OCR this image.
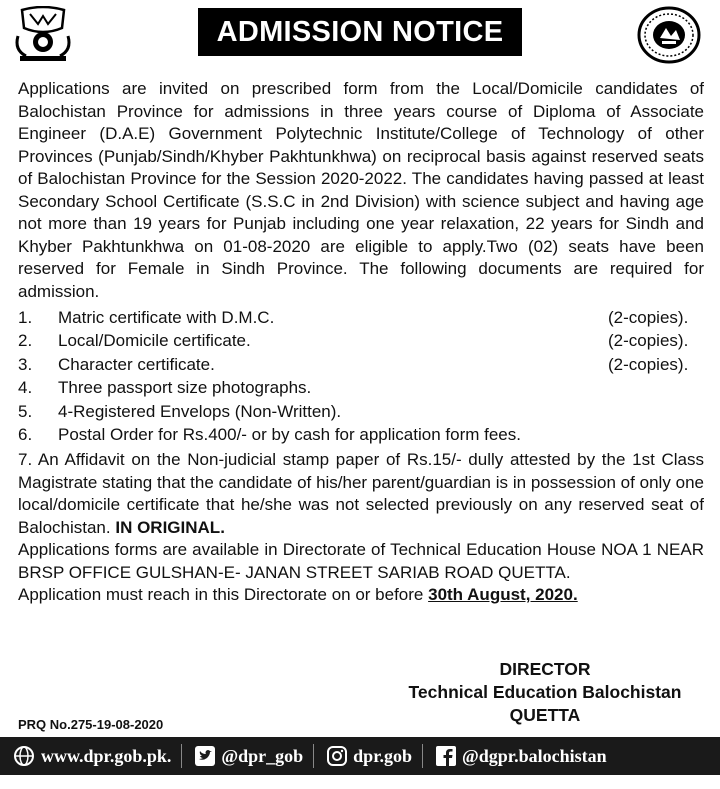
ADMISSION NOTICE

Applications are invited on prescribed form from the Local/Domicile candidates of Balochistan Province for admissions in three years course of Diploma of Associate Engineer (D.A.E) Government Polytechnic Institute/College of Technology of other Provinces (Punjab/Sindh/Khyber Pakhtunkhwa) on reciprocal basis against reserved seats of Balochistan Province for the Session 2020-2022. The candidates having passed at least Secondary School Certificate (S.S.C in 2nd Division) with science subject and having age not more than 19 years for Punjab including one year relaxation, 22 years for Sindh and Khyber Pakhtunkhwa on 01-08-2020 are eligible to apply.Two (02) seats have been reserved for Female in Sindh Province. The following documents are required for admission.

1.	Matric certificate with D.M.C.	(2-copies).
2.	Local/Domicile certificate.	(2-copies).
3.	Character certificate.	(2-copies).
4.	Three passport size photographs.
5.	4-Registered Envelops (Non-Written).
6.	Postal Order for Rs.400/- or by cash for application form fees.

7. An Affidavit on the Non-judicial stamp paper of Rs.15/- dully attested by the 1st Class Magistrate stating that the candidate of his/her parent/guardian is in possession of only one local/domicile certificate that he/she was not selected previously on any reserved seat of Balochistan. IN ORIGINAL.

Applications forms are available in Directorate of Technical Education House NOA 1 NEAR BRSP OFFICE GULSHAN-E- JANAN STREET SARIAB ROAD QUETTA.

Application must reach in this Directorate on or before 30th August, 2020.

DIRECTOR
Technical Education Balochistan
QUETTA
PRQ No.275-19-08-2020
www.dpr.gob.pk.	@dpr_gob	dpr.gob	@dgpr.balochistan
